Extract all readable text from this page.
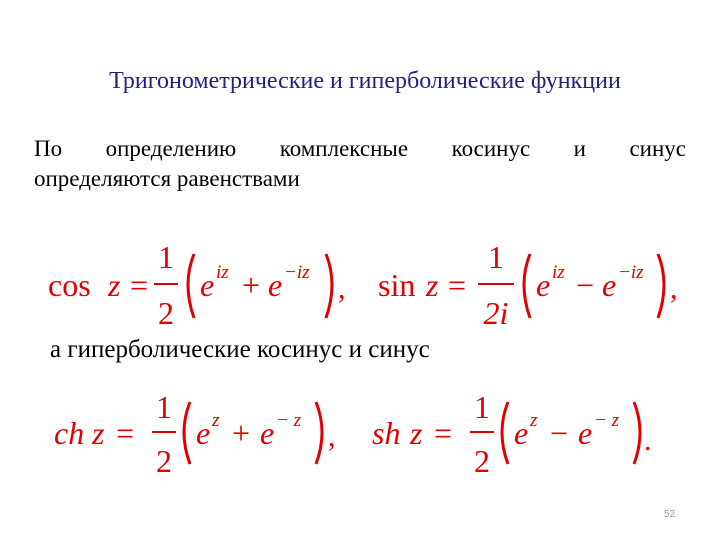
Тригонометрические и гиперболические функции
По определению комплексные косинус и синус
определяются равенствами
cos z =
1
2
e iz + e −iz , sin z =
1
2i
e iz − e −iz ,
а гиперболические косинус и синус
ch z =
1
2
e z + e − z , sh z =
1
2
e z − e − z
.
52
